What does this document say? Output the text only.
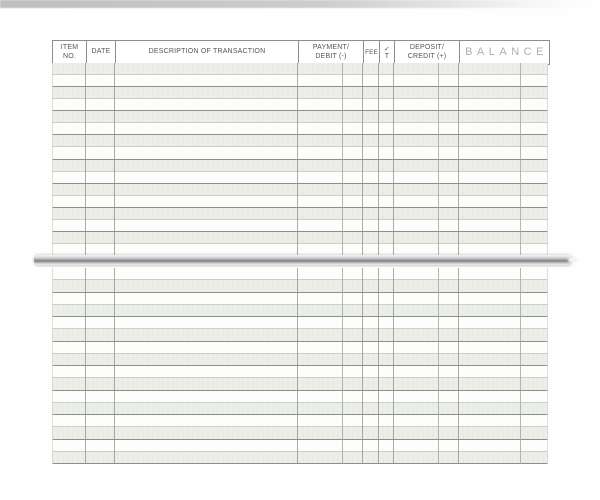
ITEM
NO.
DATE	DESCRIPTION OF TRANSACTION
PAYMENT/
DEBIT (-)
FEE ✓
T
DEPOSIT/
CREDIT (+)	BALANCE
